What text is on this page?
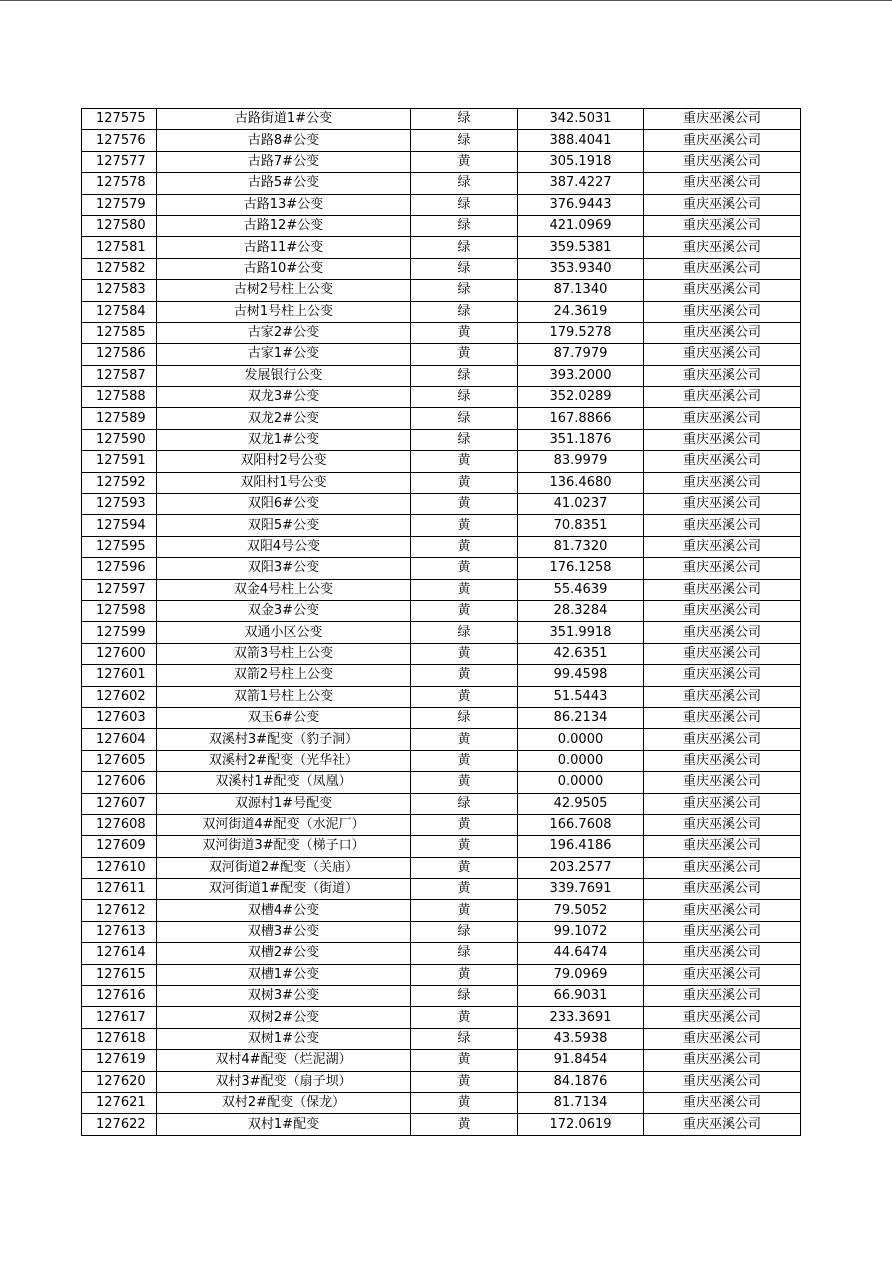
127575	古路街道1#公变	绿	342.5031	重庆巫溪公司
127576	古路8#公变	绿	388.4041	重庆巫溪公司
127577	古路7#公变	黄	305.1918	重庆巫溪公司
127578	古路5#公变	绿	387.4227	重庆巫溪公司
127579	古路13#公变	绿	376.9443	重庆巫溪公司
127580	古路12#公变	绿	421.0969	重庆巫溪公司
127581	古路11#公变	绿	359.5381	重庆巫溪公司
127582	古路10#公变	绿	353.9340	重庆巫溪公司
127583	古树2号柱上公变	绿	87.1340	重庆巫溪公司
127584	古树1号柱上公变	绿	24.3619	重庆巫溪公司
127585	古家2#公变	黄	179.5278	重庆巫溪公司
127586	古家1#公变	黄	87.7979	重庆巫溪公司
127587	发展银行公变	绿	393.2000	重庆巫溪公司
127588	双龙3#公变	绿	352.0289	重庆巫溪公司
127589	双龙2#公变	绿	167.8866	重庆巫溪公司
127590	双龙1#公变	绿	351.1876	重庆巫溪公司
127591	双阳村2号公变	黄	83.9979	重庆巫溪公司
127592	双阳村1号公变	黄	136.4680	重庆巫溪公司
127593	双阳6#公变	黄	41.0237	重庆巫溪公司
127594	双阳5#公变	黄	70.8351	重庆巫溪公司
127595	双阳4号公变	黄	81.7320	重庆巫溪公司
127596	双阳3#公变	黄	176.1258	重庆巫溪公司
127597	双金4号柱上公变	黄	55.4639	重庆巫溪公司
127598	双金3#公变	黄	28.3284	重庆巫溪公司
127599	双通小区公变	绿	351.9918	重庆巫溪公司
127600	双箭3号柱上公变	黄	42.6351	重庆巫溪公司
127601	双箭2号柱上公变	黄	99.4598	重庆巫溪公司
127602	双箭1号柱上公变	黄	51.5443	重庆巫溪公司
127603	双玉6#公变	绿	86.2134	重庆巫溪公司
127604	双溪村3#配变（豹子洞）	黄	0.0000	重庆巫溪公司
127605	双溪村2#配变（光华社）	黄	0.0000	重庆巫溪公司
127606	双溪村1#配变（凤凰）	黄	0.0000	重庆巫溪公司
127607	双源村1#号配变	绿	42.9505	重庆巫溪公司
127608	双河街道4#配变（水泥厂）	黄	166.7608	重庆巫溪公司
127609	双河街道3#配变（梯子口）	黄	196.4186	重庆巫溪公司
127610	双河街道2#配变（关庙）	黄	203.2577	重庆巫溪公司
127611	双河街道1#配变（街道）	黄	339.7691	重庆巫溪公司
127612	双槽4#公变	黄	79.5052	重庆巫溪公司
127613	双槽3#公变	绿	99.1072	重庆巫溪公司
127614	双槽2#公变	绿	44.6474	重庆巫溪公司
127615	双槽1#公变	黄	79.0969	重庆巫溪公司
127616	双树3#公变	绿	66.9031	重庆巫溪公司
127617	双树2#公变	黄	233.3691	重庆巫溪公司
127618	双树1#公变	绿	43.5938	重庆巫溪公司
127619	双村4#配变（烂泥湖）	黄	91.8454	重庆巫溪公司
127620	双村3#配变（扇子坝）	黄	84.1876	重庆巫溪公司
127621	双村2#配变（保龙）	黄	81.7134	重庆巫溪公司
127622	双村1#配变	黄	172.0619	重庆巫溪公司
